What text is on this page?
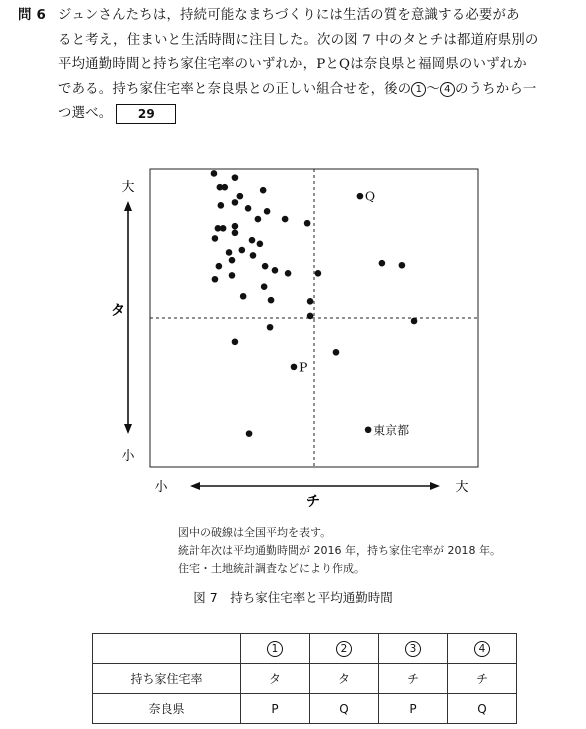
問 6 ジュンさんたちは，持続可能なまちづくりには生活の質を意識する必要があ
ると考え，住まいと生活時間に注目した。次の図 7 中のタとチは都道府県別の
平均通勤時間と持ち家住宅率のいずれか，PとQは奈良県と福岡県のいずれか
である。持ち家住宅率と奈良県との正しい組合せを，後の 1 ～ 4 のうちから一
つ選べ。 29
Q
P
東京都
大
小
タ
小	大
チ
図中の破線は全国平均を表す。
統計年次は平均通勤時間が 2016 年，持ち家住宅率が 2018 年。
住宅・土地統計調査などにより作成。
図 7　持ち家住宅率と平均通勤時間
	1	2	3	4
持ち家住宅率	タ	タ	チ	チ
奈良県	P	Q	P	Q
